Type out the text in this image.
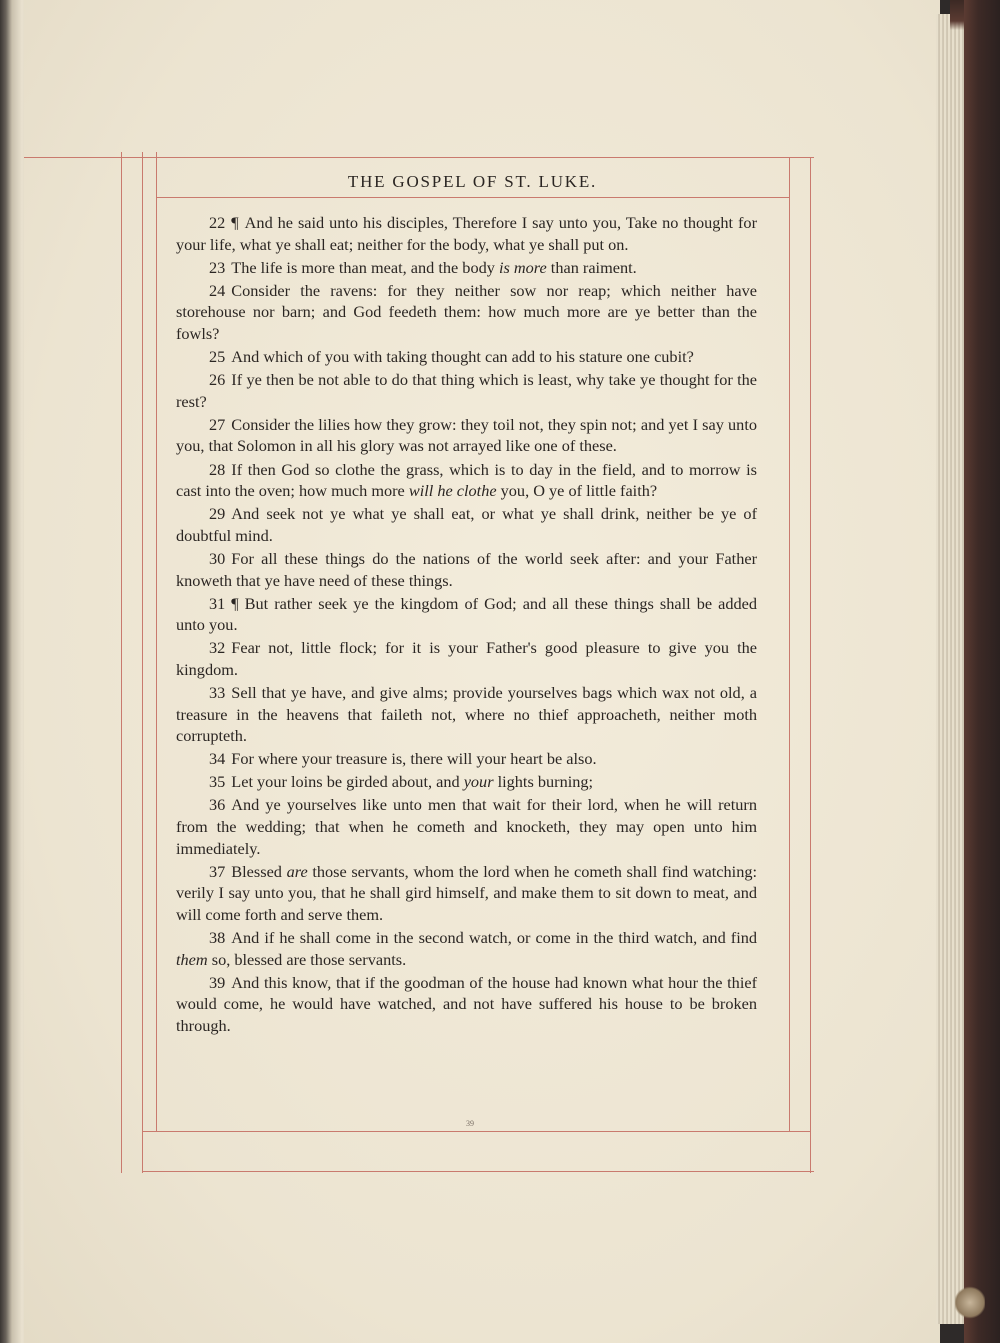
THE GOSPEL OF ST. LUKE.

22 ¶ And he said unto his disciples, Therefore I say unto you, Take no thought for your life, what ye shall eat; neither for the body, what ye shall put on.

23 The life is more than meat, and the body is more than raiment.

24 Consider the ravens: for they neither sow nor reap; which neither have storehouse nor barn; and God feedeth them: how much more are ye better than the fowls?

25 And which of you with taking thought can add to his stature one cubit?

26 If ye then be not able to do that thing which is least, why take ye thought for the rest?

27 Consider the lilies how they grow: they toil not, they spin not; and yet I say unto you, that Solomon in all his glory was not arrayed like one of these.

28 If then God so clothe the grass, which is to day in the field, and to morrow is cast into the oven; how much more will he clothe you, O ye of little faith?

29 And seek not ye what ye shall eat, or what ye shall drink, neither be ye of doubtful mind.

30 For all these things do the nations of the world seek after: and your Father knoweth that ye have need of these things.

31 ¶ But rather seek ye the kingdom of God; and all these things shall be added unto you.

32 Fear not, little flock; for it is your Father's good pleasure to give you the kingdom.

33 Sell that ye have, and give alms; provide yourselves bags which wax not old, a treasure in the heavens that faileth not, where no thief approacheth, neither moth corrupteth.

34 For where your treasure is, there will your heart be also.

35 Let your loins be girded about, and your lights burning;

36 And ye yourselves like unto men that wait for their lord, when he will return from the wedding; that when he cometh and knocketh, they may open unto him immediately.

37 Blessed are those servants, whom the lord when he cometh shall find watching: verily I say unto you, that he shall gird himself, and make them to sit down to meat, and will come forth and serve them.

38 And if he shall come in the second watch, or come in the third watch, and find them so, blessed are those servants.

39 And this know, that if the goodman of the house had known what hour the thief would come, he would have watched, and not have suffered his house to be broken through.

39
